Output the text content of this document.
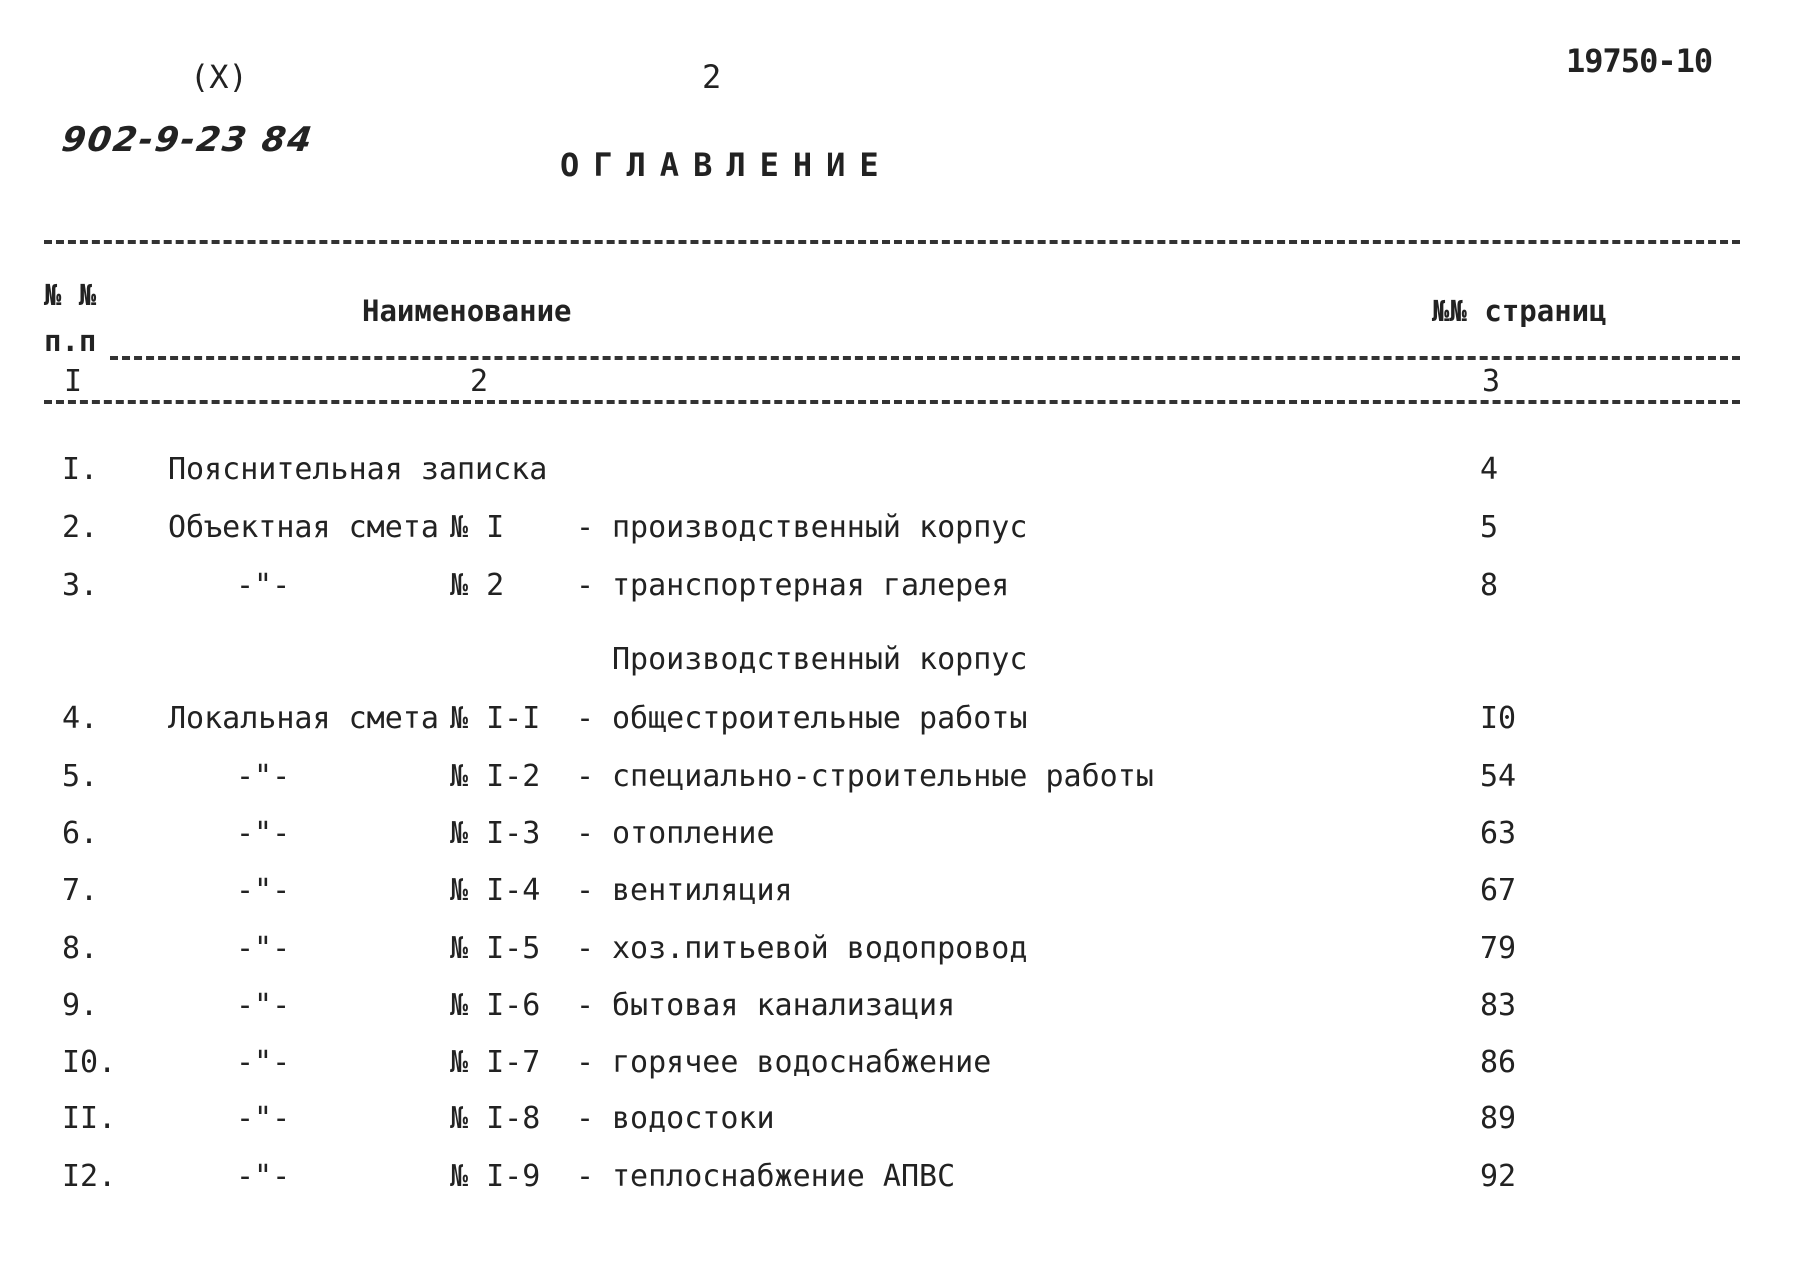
(X)	2	19750-10
902-9-23 84
ОГЛАВЛЕНИЕ
№ №
п.п
Наименование	№№ страниц
I	2	3
I. Пояснительная записка	4
2. Объектная смета № I - производственный корпус	5
3.	-"-	№ 2 - транспортерная галерея	8
4. Локальная смета № I-I - общестроительные работы	I0
5.	-"-	№ I-2 - специально-строительные работы	54
6.	-"-	№ I-3 - отопление	63
7.	-"-	№ I-4 - вентиляция	67
8.	-"-	№ I-5 - хоз.питьевой водопровод	79
9.	-"-	№ I-6 - бытовая канализация	83
I0.	-"-	№ I-7 - горячее водоснабжение	86
II.	-"-	№ I-8 - водостоки	89
I2.	-"-	№ I-9 - теплоснабжение АПВС	92
Производственный корпус
